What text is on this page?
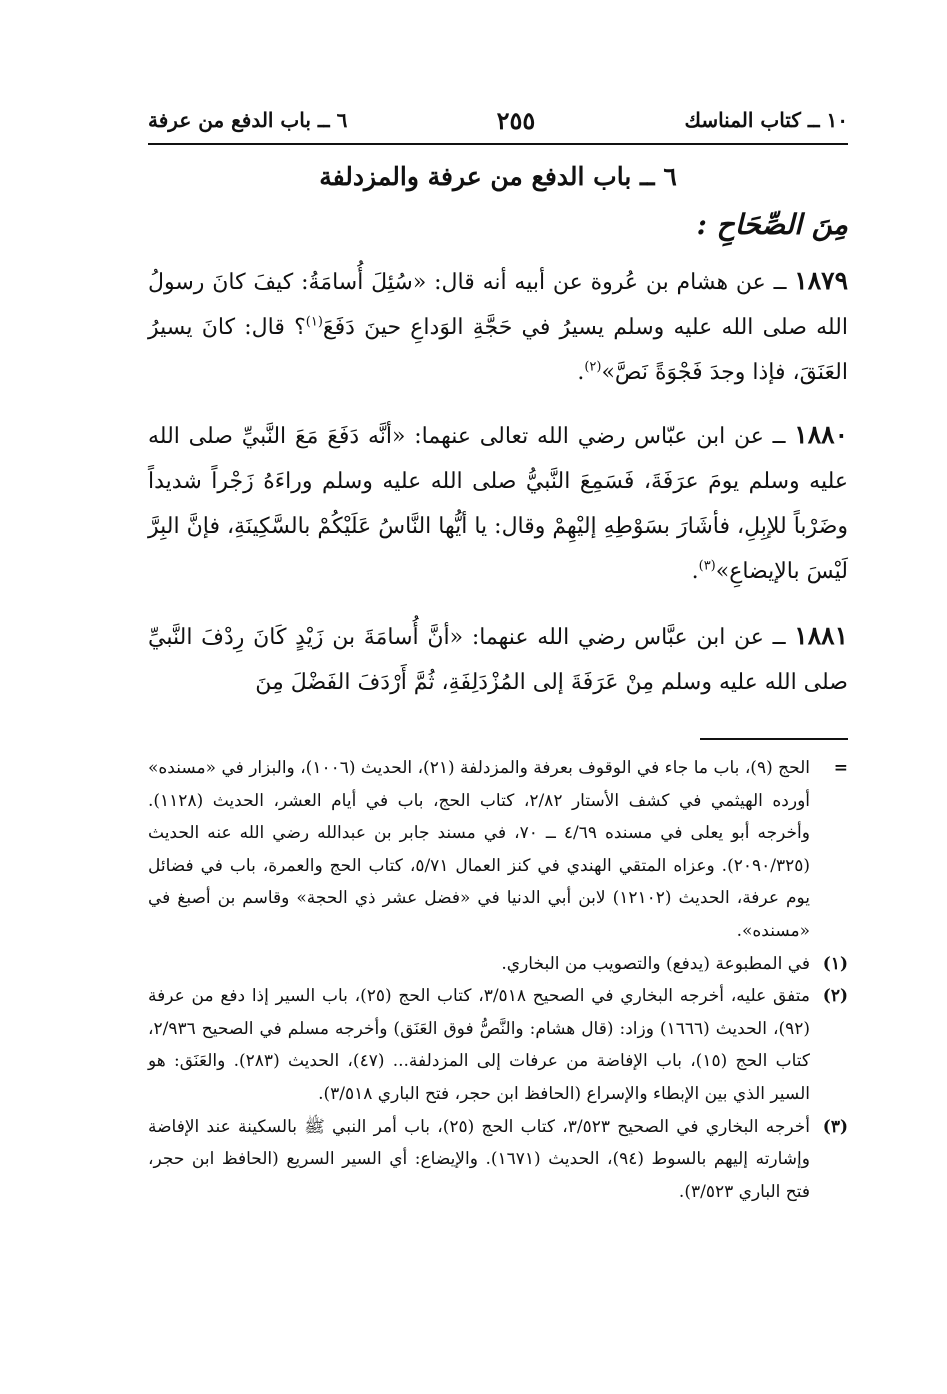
١٠ ــ كتاب المناسك
٢٥٥
٦ ــ باب الدفع من عرفة
٦ ــ باب الدفع من عرفة والمزدلفة
مِنَ الصِّحَاحِ :

١٨٧٩ ــ عن هشام بن عُروة عن أبيه أنه قال: «سُئِلَ أُسامَةُ: كيفَ كانَ رسولُ الله صلى الله عليه وسلم يسيرُ في حَجَّةِ الوَداعِ حينَ دَفَعَ$^{(١)}$؟ قال: كانَ يسيرُ العَنَقَ، فإذا وجدَ فَجْوَةً نَصَّ»$^{(٢)}$.

١٨٨٠ ــ عن ابن عبّاس رضي الله تعالى عنهما: «أنَّه دَفَعَ مَعَ النَّبيِّ صلى الله عليه وسلم يومَ عرَفَةَ، فَسَمِعَ النَّبيُّ صلى الله عليه وسلم وراءَهُ زَجْراً شديداً وضَرْباً للإبِلِ، فأشَارَ بسَوْطِهِ إليْهِمْ وقال: يا أيُّها النَّاسُ عَلَيْكُمْ بالسَّكِينَةِ، فإنَّ البِرَّ لَيْسَ بالإيضاعِ»$^{(٣)}$.

١٨٨١ ــ عن ابن عبَّاس رضي الله عنهما: «أنَّ أُسامَةَ بن زَيْدٍ كَانَ رِدْفَ النَّبيِّ صلى الله عليه وسلم مِنْ عَرَفَةَ إلى المُزْدَلِفَةِ، ثُمَّ أَرْدَفَ الفَضْلَ مِنَ

=
الحج (٩)، باب ما جاء في الوقوف بعرفة والمزدلفة (٢١)، الحديث (١٠٠٦)، والبزار في «مسنده» أورده الهيثمي في كشف الأستار ٢/٨٢، كتاب الحج، باب في أيام العشر، الحديث (١١٢٨). وأخرجه أبو يعلى في مسنده ٤/٦٩ ــ ٧٠، في مسند جابر بن عبدالله رضي الله عنه الحديث (٢٠٩٠/٣٢٥). وعزاه المتقي الهندي في كنز العمال ٥/٧١، كتاب الحج والعمرة، باب في فضائل يوم عرفة، الحديث (١٢١٠٢) لابن أبي الدنيا في «فضل عشر ذي الحجة» وقاسم بن أصبغ في «مسنده».
(١)
في المطبوعة (يدفع) والتصويب من البخاري.
(٢)
متفق عليه، أخرجه البخاري في الصحيح ٣/٥١٨، كتاب الحج (٢٥)، باب السير إذا دفع من عرفة (٩٢)، الحديث (١٦٦٦) وزاد: (قال هشام: والنَّصُّ فوق العَنَق) وأخرجه مسلم في الصحيح ٢/٩٣٦، كتاب الحج (١٥)، باب الإفاضة من عرفات إلى المزدلفة... (٤٧)، الحديث (٢٨٣). والعَنَق: هو السير الذي بين الإبطاء والإسراع (الحافظ ابن حجر، فتح الباري ٣/٥١٨).
(٣)
أخرجه البخاري في الصحيح ٣/٥٢٣، كتاب الحج (٢٥)، باب أمر النبي ﷺ بالسكينة عند الإفاضة وإشارته إليهم بالسوط (٩٤)، الحديث (١٦٧١). والإيضاع: أي السير السريع (الحافظ ابن حجر، فتح الباري ٣/٥٢٣).
